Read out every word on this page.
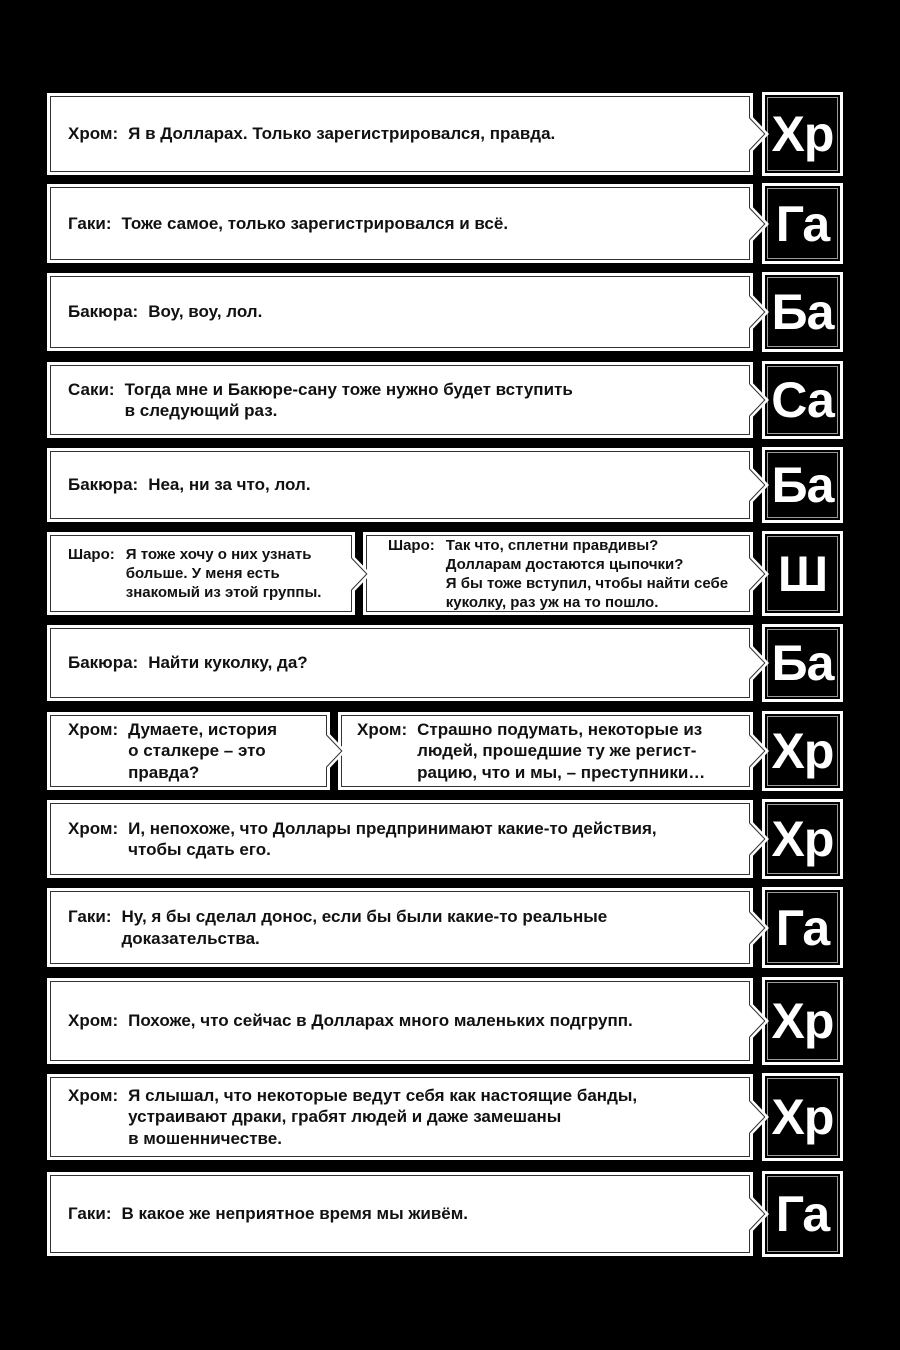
Хром: Я в Долларах. Только зарегистрировался, правда.	Хр
Гаки: Тоже самое, только зарегистрировался и всё.	Га
Бакюра: Воу, воу, лол.	Ба
Саки: Тогда мне и Бакюре-сану тоже нужно будет вступить
в следующий раз.	Са
Бакюра: Неа, ни за что, лол.	Ба
Шаро: Я тоже хочу о них узнать
больше. У меня есть
знакомый из этой группы.
Шаро: Так что, сплетни правдивы?
Долларам достаются цыпочки?
Я бы тоже вступил, чтобы найти себе
куколку, раз уж на то пошло.
Ш
Бакюра: Найти куколку, да?	Ба
Хром: Думаете, история
о сталкере – это
правда?
Хром: Страшно подумать, некоторые из
людей, прошедшие ту же регист-
рацию, что и мы, – преступники… Хр
Хром: И, непохоже, что Доллары предпринимают какие-то действия,
чтобы сдать его.	Хр
Гаки: Ну, я бы сделал донос, если бы были какие-то реальные
доказательства.	Га
Хром: Похоже, что сейчас в Долларах много маленьких подгрупп.	Хр
Хром: Я слышал, что некоторые ведут себя как настоящие банды,
устраивают драки, грабят людей и даже замешаны
в мошенничестве.	Хр
Гаки: В какое же неприятное время мы живём.	Га
